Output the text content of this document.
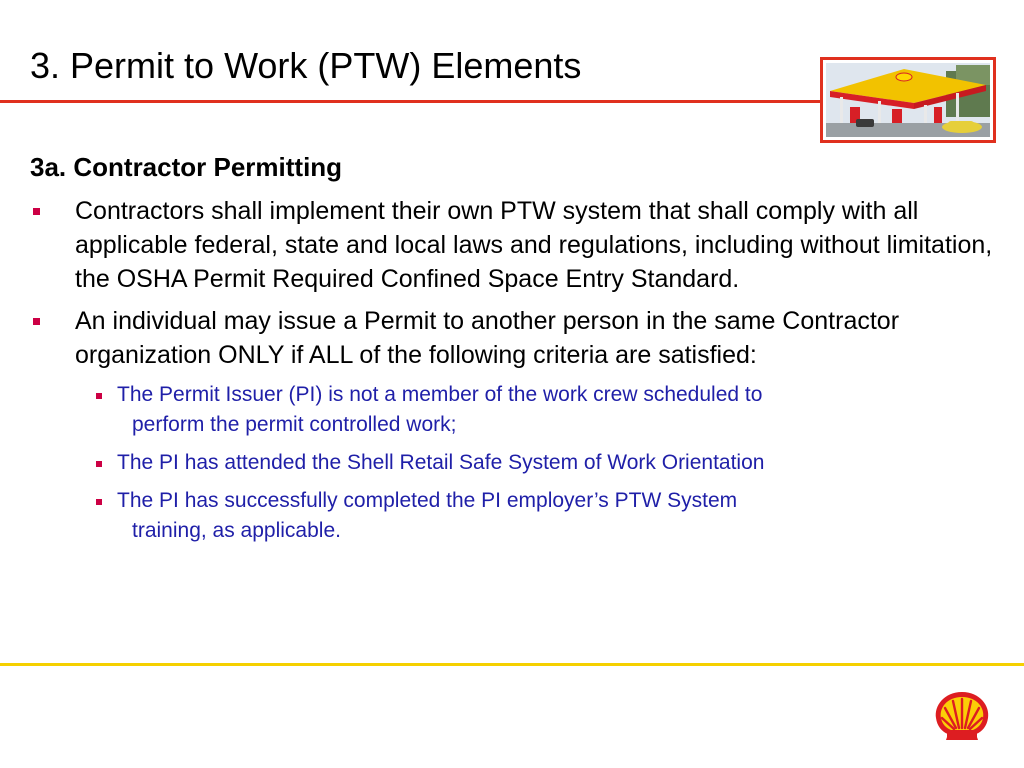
3. Permit to Work (PTW) Elements
3a. Contractor Permitting
Contractors shall implement their own PTW system that shall comply with all applicable federal, state and local laws and regulations, including without limitation, the OSHA Permit Required Confined Space Entry Standard.
An individual may issue a Permit to another person in the same Contractor organization ONLY if ALL of the following criteria are satisfied:
The Permit Issuer (PI) is not a member of the work crew scheduled to
perform the permit controlled work;
The PI has attended the Shell Retail Safe System of Work Orientation
The PI has successfully completed the PI employer’s PTW System
training, as applicable.
